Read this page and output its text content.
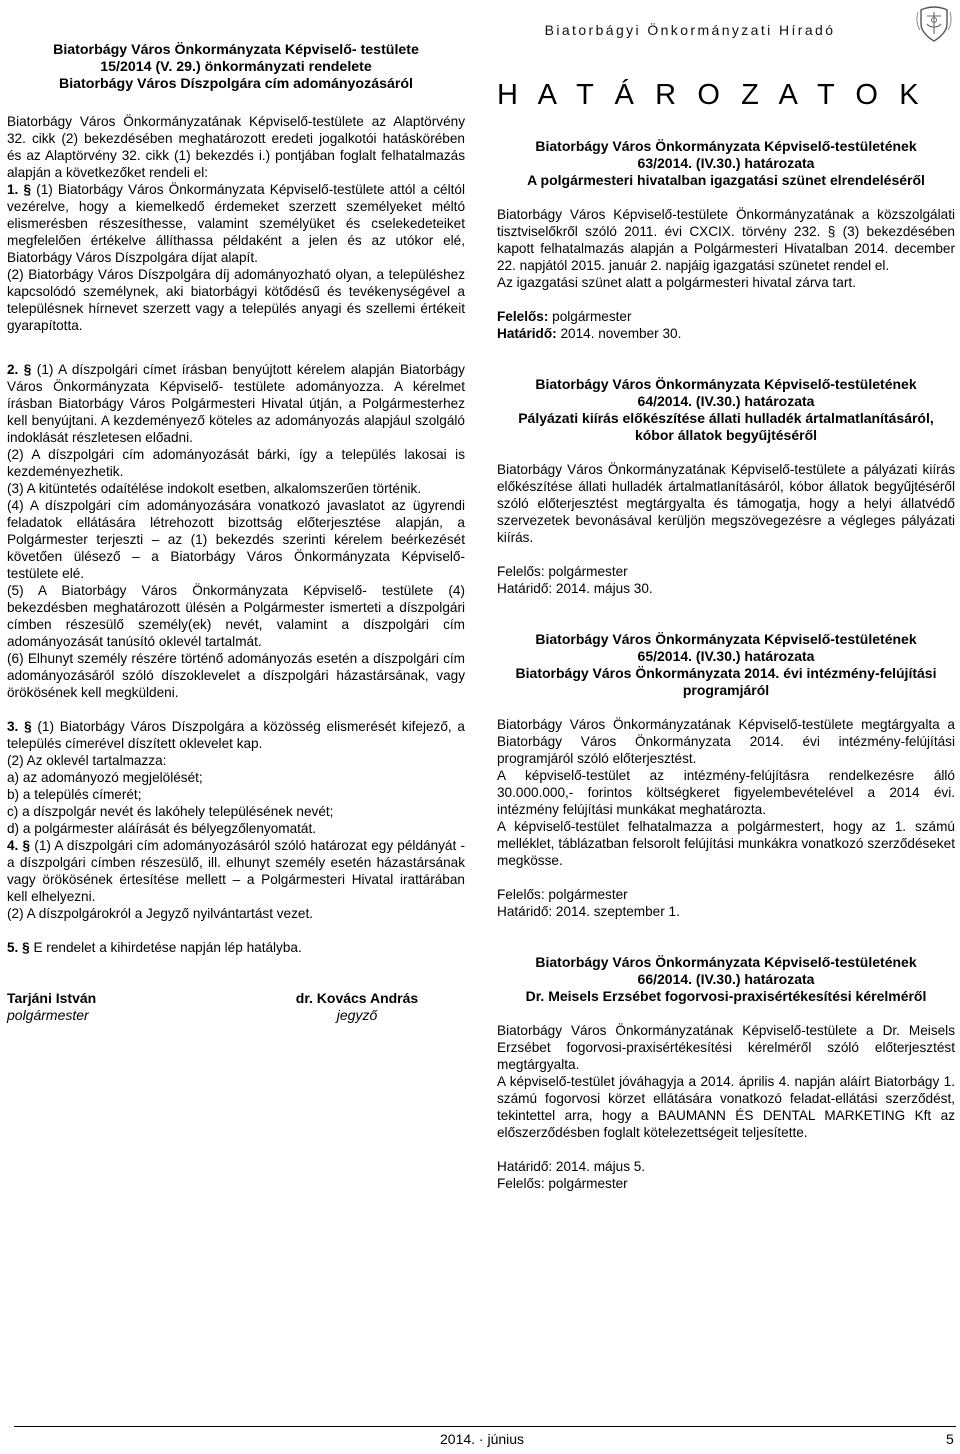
Biatorbágyi Önkormányzati Híradó
Biatorbágy Város Önkormányzata Képviselő- testülete
15/2014 (V. 29.) önkormányzati rendelete
Biatorbágy Város Díszpolgára cím adományozásáról

Biatorbágy Város Önkormányzatának Képviselő-testülete az Alaptörvény 32. cikk (2) bekezdésében meghatározott eredeti jogalkotói hatáskörében és az Alaptörvény 32. cikk (1) bekezdés i.) pontjában foglalt felhatalmazás alapján a következőket rendeli el:

1. § (1) Biatorbágy Város Önkormányzata Képviselő-testülete attól a céltól vezérelve, hogy a kiemelkedő érdemeket szerzett személyeket méltó elismerésben részesíthesse, valamint személyüket és cselekedeteiket megfelelően értékelve állíthassa példaként a jelen és az utókor elé, Biatorbágy Város Díszpolgára díjat alapít.

(2) Biatorbágy Város Díszpolgára díj adományozható olyan, a településhez kapcsolódó személynek, aki biatorbágyi kötődésű és tevékenységével a településnek hírnevet szerzett vagy a település anyagi és szellemi értékeit gyarapította.

2. § (1) A díszpolgári címet írásban benyújtott kérelem alapján Biatorbágy Város Önkormányzata Képviselő- testülete adományozza. A kérelmet írásban Biatorbágy Város Polgármesteri Hivatal útján, a Polgármesterhez kell benyújtani. A kezdeményező köteles az adományozás alapjául szolgáló indoklását részletesen előadni.

(2) A díszpolgári cím adományozását bárki, így a település lakosai is kezdeményezhetik.

(3) A kitüntetés odaítélése indokolt esetben, alkalomszerűen történik.

(4) A díszpolgári cím adományozására vonatkozó javaslatot az ügyrendi feladatok ellátására létrehozott bizottság előterjesztése alapján, a Polgármester terjeszti – az (1) bekezdés szerinti kérelem beérkezését követően ülésező – a Biatorbágy Város Önkormányzata Képviselő- testülete elé.

(5) A Biatorbágy Város Önkormányzata Képviselő- testülete (4) bekezdésben meghatározott ülésén a Polgármester ismerteti a díszpolgári címben részesülő személy(ek) nevét, valamint a díszpolgári cím adományozását tanúsító oklevél tartalmát.

(6) Elhunyt személy részére történő adományozás esetén a díszpolgári cím adományozásáról szóló díszoklevelet a díszpolgári házastársának, vagy örökösének kell megküldeni.

3. § (1) Biatorbágy Város Díszpolgára a közösség elismerését kifejező, a település címerével díszített oklevelet kap.

(2) Az oklevél tartalmazza:

a) az adományozó megjelölését;

b) a település címerét;

c) a díszpolgár nevét és lakóhely településének nevét;

d) a polgármester aláírását és bélyegzőlenyomatát.

4. § (1) A díszpolgári cím adományozásáról szóló határozat egy példányát - a díszpolgári címben részesülő, ill. elhunyt személy esetén házastársának vagy örökösének értesítése mellett – a Polgármesteri Hivatal irattárában kell elhelyezni.

(2) A díszpolgárokról a Jegyző nyilvántartást vezet.

5. § E rendelet a kihirdetése napján lép hatályba.

Tarjáni István
polgármester
dr. Kovács András
jegyző
H A T Á R O Z A T O K
Biatorbágy Város Önkormányzata Képviselő-testületének
63/2014. (IV.30.) határozata
A polgármesteri hivatalban igazgatási szünet elrendeléséről

Biatorbágy Város Képviselő-testülete Önkormányzatának a közszolgálati tisztviselőkről szóló 2011. évi CXCIX. törvény 232. § (3) bekezdésében kapott felhatalmazás alapján a Polgármesteri Hivatalban 2014. december 22. napjától 2015. január 2. napjáig igazgatási szünetet rendel el.

Az igazgatási szünet alatt a polgármesteri hivatal zárva tart.

Felelős: polgármester

Határidő: 2014. november 30.

Biatorbágy Város Önkormányzata Képviselő-testületének
64/2014. (IV.30.) határozata
Pályázati kiírás előkészítése állati hulladék ártalmatlanításáról, kóbor állatok begyűjtéséről

Biatorbágy Város Önkormányzatának Képviselő-testülete a pályázati kiírás előkészítése állati hulladék ártalmatlanításáról, kóbor állatok begyűjtéséről szóló előterjesztést megtárgyalta és támogatja, hogy a helyi állatvédő szervezetek bevonásával kerüljön megszövegezésre a végleges pályázati kiírás.

Felelős: polgármester

Határidő: 2014. május 30.

Biatorbágy Város Önkormányzata Képviselő-testületének
65/2014. (IV.30.) határozata
Biatorbágy Város Önkormányzata 2014. évi intézmény-felújítási programjáról

Biatorbágy Város Önkormányzatának Képviselő-testülete megtárgyalta a Biatorbágy Város Önkormányzata 2014. évi intézmény-felújítási programjáról szóló előterjesztést.

A képviselő-testület az intézmény-felújításra rendelkezésre álló 30.000.000,- forintos költségkeret figyelembevételével a 2014 évi. intézmény felújítási munkákat meghatározta.

A képviselő-testület felhatalmazza a polgármestert, hogy az 1. számú melléklet, táblázatban felsorolt felújítási munkákra vonatkozó szerződéseket megkösse.

Felelős: polgármester

Határidő: 2014. szeptember 1.

Biatorbágy Város Önkormányzata Képviselő-testületének
66/2014. (IV.30.) határozata
Dr. Meisels Erzsébet fogorvosi-praxisértékesítési kérelméről

Biatorbágy Város Önkormányzatának Képviselő-testülete a Dr. Meisels Erzsébet fogorvosi-praxisértékesítési kérelméről szóló előterjesztést megtárgyalta.

A képviselő-testület jóváhagyja a 2014. április 4. napján aláírt Biatorbágy 1. számú fogorvosi körzet ellátására vonatkozó feladat-ellátási szerződést, tekintettel arra, hogy a BAUMANN ÉS DENTAL MARKETING Kft az előszerződésben foglalt kötelezettségeit teljesítette.

Határidő: 2014. május 5.

Felelős: polgármester

2014. · június	5
